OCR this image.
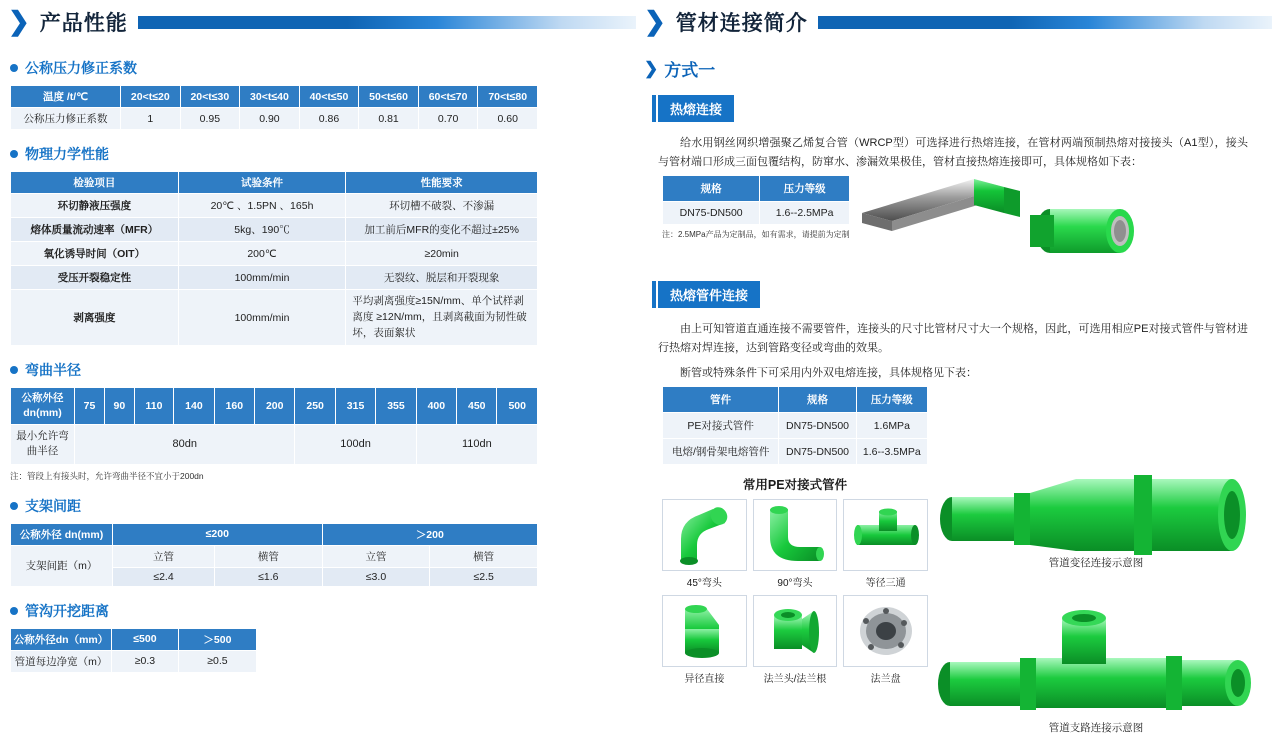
❯ 产品性能
公称压力修正系数
温度 /t/℃	20<t≤20	20<t≤30	30<t≤40	40<t≤50	50<t≤60	60<t≤70	70<t≤80
公称压力修正系数	1	0.95	0.90	0.86	0.81	0.70	0.60
物理力学性能
检验项目	试验条件	性能要求
环切静液压强度	20℃ 、1.5PN 、165h	环切槽不破裂、不渗漏
熔体质量流动速率（MFR）	5kg、190℃	加工前后MFR的变化不超过±25%
氧化诱导时间（OIT）	200℃	≥20min
受压开裂稳定性	100mm/min	无裂纹、脱层和开裂现象
剥离强度	100mm/min	平均剥离强度≥15N/mm、单个试样剥离度 ≥12N/mm，且剥离截面为韧性破坏，表面絮状
弯曲半径
公称外径 dn(mm)	75	90	110	140	160	200	250	315	355	400	450	500
最小允许弯曲半径	80dn						100dn			110dn		
注：管段上有接头时，允许弯曲半径不宜小于200dn
支架间距
公称外径 dn(mm)	≤200		＞200	
支架间距（m）	立管	横管	立管	横管
	≤2.4	≤1.6	≤3.0	≤2.5
管沟开挖距离
公称外径dn（mm）	≤500	＞500
管道每边净宽（m）	≥0.3	≥0.5
❯ 管材连接简介
❯ 方式一
热熔连接

给水用钢丝网织增强聚乙烯复合管（WRCP型）可选择进行热熔连接，在管材两端预制热熔对接接头（A1型），接头与管材端口形成三面包覆结构，防窜水、渗漏效果极佳，管材直接热熔连接即可，具体规格如下表：

规格	压力等级
DN75-DN500	1.6--2.5MPa
注：2.5MPa产品为定制品，如有需求，请提前为定制
热熔管件连接

由上可知管道直通连接不需要管件，连接头的尺寸比管材尺寸大一个规格，因此，可选用相应PE对接式管件与管材进行热熔对焊连接，达到管路变径或弯曲的效果。

断管或特殊条件下可采用内外双电熔连接，具体规格见下表：

管件	规格	压力等级
PE对接式管件	DN75-DN500	1.6MPa
电熔/钢骨架电熔管件	DN75-DN500	1.6--3.5MPa
常用PE对接式管件
45°弯头	90°弯头	等径三通
异径直接	法兰头/法兰根	法兰盘
管道变径连接示意图
管道支路连接示意图
